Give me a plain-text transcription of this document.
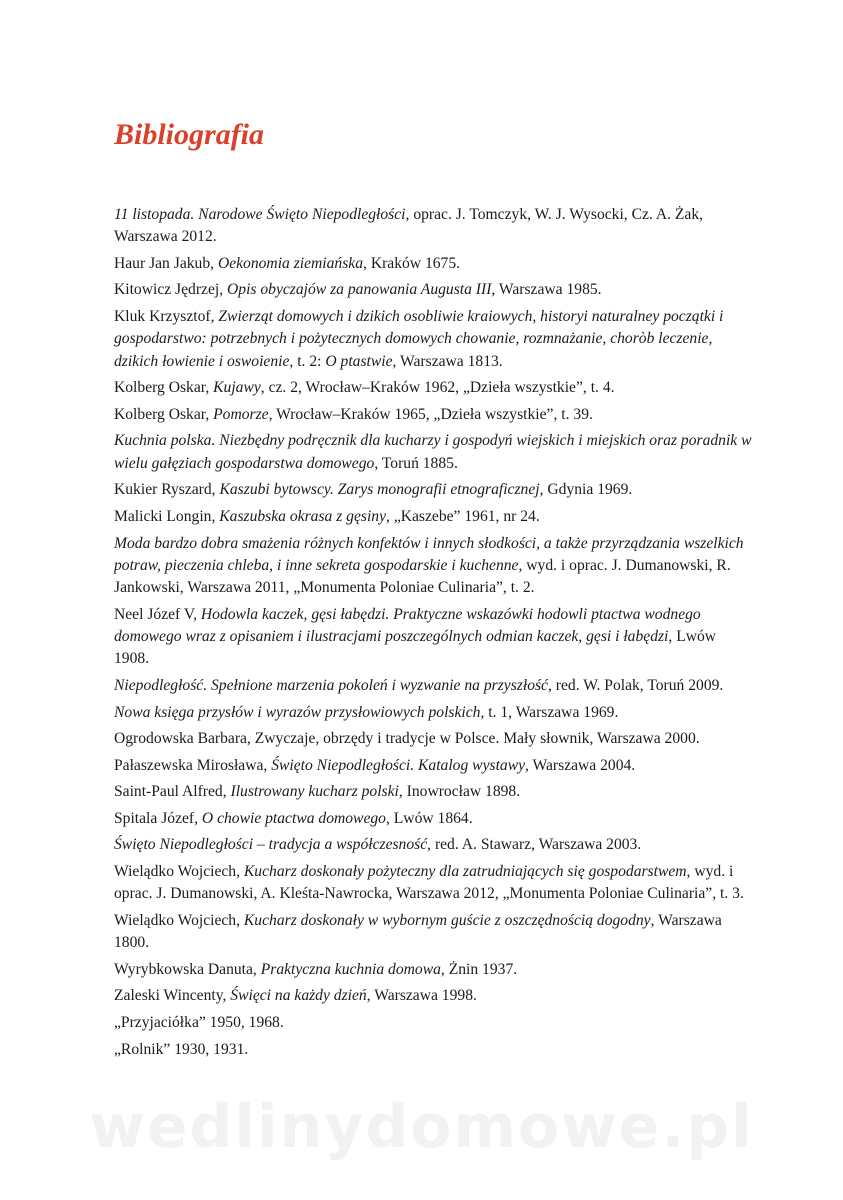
Bibliografia
11 listopada. Narodowe Święto Niepodległości, oprac. J. Tomczyk, W. J. Wysocki, Cz. A. Żak, Warszawa 2012.
Haur Jan Jakub, Oekonomia ziemiańska, Kraków 1675.
Kitowicz Jędrzej, Opis obyczajów za panowania Augusta III, Warszawa 1985.
Kluk Krzysztof, Zwierząt domowych i dzikich osobliwie kraiowych, historyi naturalney początki i gospodarstwo: potrzebnych i pożytecznych domowych chowanie, rozmnażanie, choròb leczenie, dzikich łowienie i oswoienie, t. 2: O ptastwie, Warszawa 1813.
Kolberg Oskar, Kujawy, cz. 2, Wrocław–Kraków 1962, „Dzieła wszystkie”, t. 4.
Kolberg Oskar, Pomorze, Wrocław–Kraków 1965, „Dzieła wszystkie”, t. 39.
Kuchnia polska. Niezbędny podręcznik dla kucharzy i gospodyń wiejskich i miejskich oraz poradnik w wielu gałęziach gospodarstwa domowego, Toruń 1885.
Kukier Ryszard, Kaszubi bytowscy. Zarys monografii etnograficznej, Gdynia 1969.
Malicki Longin, Kaszubska okrasa z gęsiny, „Kaszebe” 1961, nr 24.
Moda bardzo dobra smażenia różnych konfektów i innych słodkości, a także przyrządzania wszelkich potraw, pieczenia chleba, i inne sekreta gospodarskie i kuchenne, wyd. i oprac. J. Dumanowski, R. Jankowski, Warszawa 2011, „Monumenta Poloniae Culinaria”, t. 2.
Neel Józef V, Hodowla kaczek, gęsi łabędzi. Praktyczne wskazówki hodowli ptactwa wodnego domowego wraz z opisaniem i ilustracjami poszczególnych odmian kaczek, gęsi i łabędzi, Lwów 1908.
Niepodległość. Spełnione marzenia pokoleń i wyzwanie na przyszłość, red. W. Polak, Toruń 2009.
Nowa księga przysłów i wyrazów przysłowiowych polskich, t. 1, Warszawa 1969.
Ogrodowska Barbara, Zwyczaje, obrzędy i tradycje w Polsce. Mały słownik, Warszawa 2000.
Pałaszewska Mirosława, Święto Niepodległości. Katalog wystawy, Warszawa 2004.
Saint-Paul Alfred, Ilustrowany kucharz polski, Inowrocław 1898.
Spitala Józef, O chowie ptactwa domowego, Lwów 1864.
Święto Niepodległości – tradycja a współczesność, red. A. Stawarz, Warszawa 2003.
Wielądko Wojciech, Kucharz doskonały pożyteczny dla zatrudniających się gospodarstwem, wyd. i oprac. J. Dumanowski, A. Kleśta-Nawrocka, Warszawa 2012, „Monumenta Poloniae Culinaria”, t. 3.
Wielądko Wojciech, Kucharz doskonały w wybornym guście z oszczędnością dogodny, Warszawa 1800.
Wyrybkowska Danuta, Praktyczna kuchnia domowa, Żnin 1937.
Zaleski Wincenty, Święci na każdy dzień, Warszawa 1998.
„Przyjaciółka” 1950, 1968.
„Rolnik” 1930, 1931.
wedlinydomowe.pl
